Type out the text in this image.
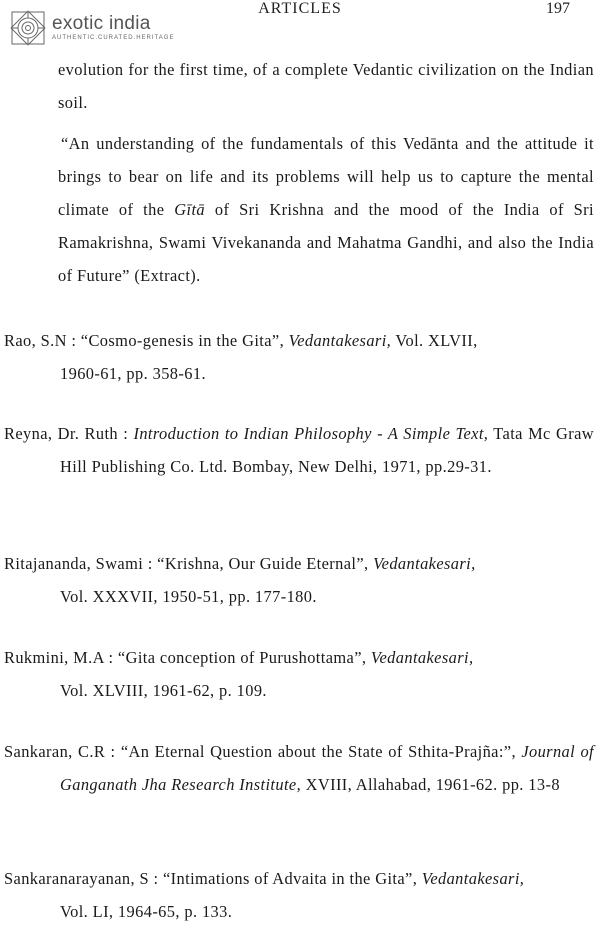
exotic india
AUTHENTIC.CURATED.HERITAGE
ARTICLES	197

evolution for the first time, of a complete Vedantic civilization on the Indian soil.

“An understanding of the fundamentals of this Vedānta and the attitude it brings to bear on life and its problems will help us to capture the mental climate of the Gītā of Sri Krishna and the mood of the India of Sri Ramakrishna, Swami Vivekananda and Mahatma Gandhi, and also the India of Future” (Extract).

Rao, S.N : “Cosmo-genesis in the Gita”, Vedantakesari, Vol. XLVII,
1960-61, pp. 358-61.

Reyna, Dr. Ruth : Introduction to Indian Philosophy - A Simple Text, Tata Mc Graw Hill Publishing Co. Ltd. Bombay, New Delhi, 1971, pp.29-31.

Ritajananda, Swami : “Krishna, Our Guide Eternal”, Vedantakesari,
Vol. XXXVII, 1950-51, pp. 177-180.

Rukmini, M.A : “Gita conception of Purushottama”, Vedantakesari,
Vol. XLVIII, 1961-62, p. 109.

Sankaran, C.R : “An Eternal Question about the State of Sthita-Prajña:”, Journal of Ganganath Jha Research Institute, XVIII, Allahabad, 1961-62. pp. 13-8

Sankaranarayanan, S : “Intimations of Advaita in the Gita”, Vedantakesari,
Vol. LI, 1964-65, p. 133.
